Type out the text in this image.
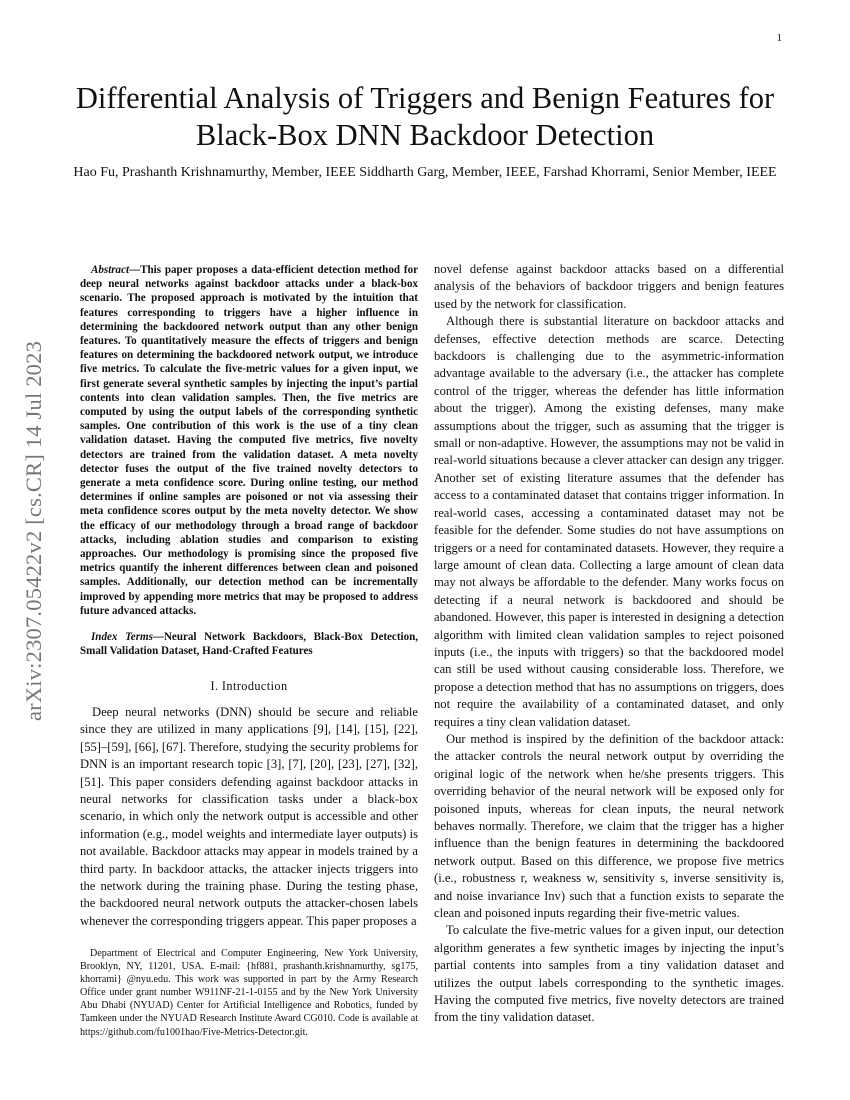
1
arXiv:2307.05422v2 [cs.CR] 14 Jul 2023
Differential Analysis of Triggers and Benign Features for Black-Box DNN Backdoor Detection

Hao Fu, Prashanth Krishnamurthy, Member, IEEE Siddharth Garg, Member, IEEE, Farshad Khorrami, Senior Member, IEEE

Abstract—This paper proposes a data-efficient detection method for deep neural networks against backdoor attacks under a black-box scenario. The proposed approach is motivated by the intuition that features corresponding to triggers have a higher influence in determining the backdoored network output than any other benign features. To quantitatively measure the effects of triggers and benign features on determining the backdoored network output, we introduce five metrics. To calculate the five-metric values for a given input, we first generate several synthetic samples by injecting the input’s partial contents into clean validation samples. Then, the five metrics are computed by using the output labels of the corresponding synthetic samples. One contribution of this work is the use of a tiny clean validation dataset. Having the computed five metrics, five novelty detectors are trained from the validation dataset. A meta novelty detector fuses the output of the five trained novelty detectors to generate a meta confidence score. During online testing, our method determines if online samples are poisoned or not via assessing their meta confidence scores output by the meta novelty detector. We show the efficacy of our methodology through a broad range of backdoor attacks, including ablation studies and comparison to existing approaches. Our methodology is promising since the proposed five metrics quantify the inherent differences between clean and poisoned samples. Additionally, our detection method can be incrementally improved by appending more metrics that may be proposed to address future advanced attacks.

Index Terms—Neural Network Backdoors, Black-Box Detection, Small Validation Dataset, Hand-Crafted Features

I. Introduction

Deep neural networks (DNN) should be secure and reliable since they are utilized in many applications [9], [14], [15], [22], [55]–[59], [66], [67]. Therefore, studying the security problems for DNN is an important research topic [3], [7], [20], [23], [27], [32], [51]. This paper considers defending against backdoor attacks in neural networks for classification tasks under a black-box scenario, in which only the network output is accessible and other information (e.g., model weights and intermediate layer outputs) is not available. Backdoor attacks may appear in models trained by a third party. In backdoor attacks, the attacker injects triggers into the network during the training phase. During the testing phase, the backdoored neural network outputs the attacker-chosen labels whenever the corresponding triggers appear. This paper proposes a

Department of Electrical and Computer Engineering, New York University, Brooklyn, NY, 11201, USA. E-mail: {hf881, prashanth.krishnamurthy, sg175, khorrami} @nyu.edu. This work was supported in part by the Army Research Office under grant number W911NF-21-1-0155 and by the New York University Abu Dhabi (NYUAD) Center for Artificial Intelligence and Robotics, funded by Tamkeen under the NYUAD Research Institute Award CG010. Code is available at https://github.com/fu1001hao/Five-Metrics-Detector.git.

novel defense against backdoor attacks based on a differential analysis of the behaviors of backdoor triggers and benign features used by the network for classification.

Although there is substantial literature on backdoor attacks and defenses, effective detection methods are scarce. Detecting backdoors is challenging due to the asymmetric-information advantage available to the adversary (i.e., the attacker has complete control of the trigger, whereas the defender has little information about the trigger). Among the existing defenses, many make assumptions about the trigger, such as assuming that the trigger is small or non-adaptive. However, the assumptions may not be valid in real-world situations because a clever attacker can design any trigger. Another set of existing literature assumes that the defender has access to a contaminated dataset that contains trigger information. In real-world cases, accessing a contaminated dataset may not be feasible for the defender. Some studies do not have assumptions on triggers or a need for contaminated datasets. However, they require a large amount of clean data. Collecting a large amount of clean data may not always be affordable to the defender. Many works focus on detecting if a neural network is backdoored and should be abandoned. However, this paper is interested in designing a detection algorithm with limited clean validation samples to reject poisoned inputs (i.e., the inputs with triggers) so that the backdoored model can still be used without causing considerable loss. Therefore, we propose a detection method that has no assumptions on triggers, does not require the availability of a contaminated dataset, and only requires a tiny clean validation dataset.

Our method is inspired by the definition of the backdoor attack: the attacker controls the neural network output by overriding the original logic of the network when he/she presents triggers. This overriding behavior of the neural network will be exposed only for poisoned inputs, whereas for clean inputs, the neural network behaves normally. Therefore, we claim that the trigger has a higher influence than the benign features in determining the backdoored network output. Based on this difference, we propose five metrics (i.e., robustness r, weakness w, sensitivity s, inverse sensitivity is, and noise invariance Inv) such that a function exists to separate the clean and poisoned inputs regarding their five-metric values.

To calculate the five-metric values for a given input, our detection algorithm generates a few synthetic images by injecting the input’s partial contents into samples from a tiny validation dataset and utilizes the output labels corresponding to the synthetic images. Having the computed five metrics, five novelty detectors are trained from the tiny validation dataset.
